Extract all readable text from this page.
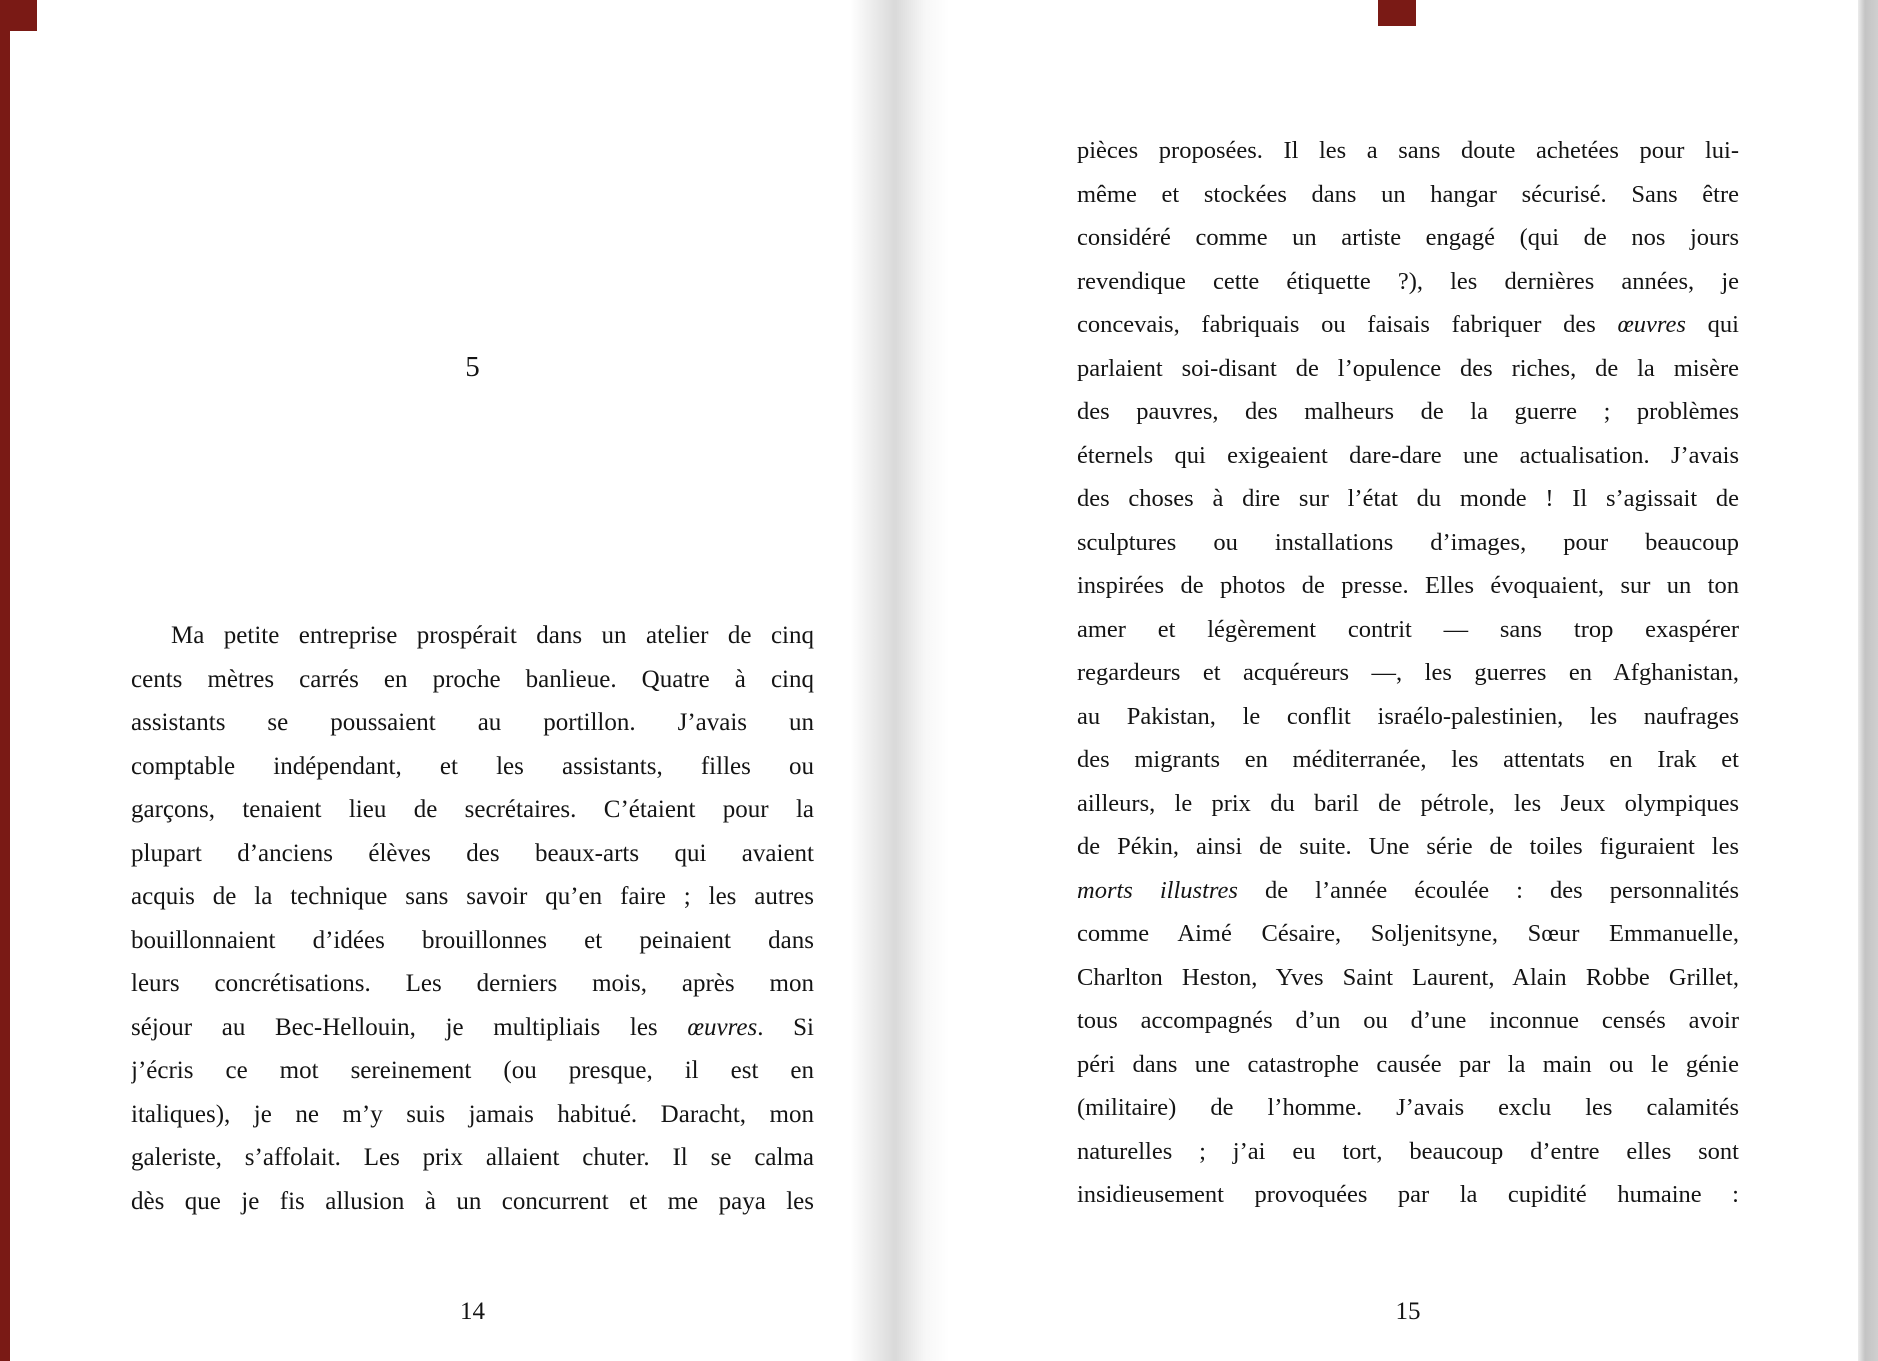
5
Ma petite entreprise prospérait dans un atelier de cinq
cents mètres carrés en proche banlieue. Quatre à cinq
assistants se poussaient au portillon. J’avais un
comptable indépendant, et les assistants, filles ou
garçons, tenaient lieu de secrétaires. C’étaient pour la
plupart d’anciens élèves des beaux-arts qui avaient
acquis de la technique sans savoir qu’en faire ; les autres
bouillonnaient d’idées brouillonnes et peinaient dans
leurs concrétisations. Les derniers mois, après mon
séjour au Bec-Hellouin, je multipliais les œuvres. Si
j’écris ce mot sereinement (ou presque, il est en
italiques), je ne m’y suis jamais habitué. Daracht, mon
galeriste, s’affolait. Les prix allaient chuter. Il se calma
dès que je fis allusion à un concurrent et me paya les
14
pièces proposées. Il les a sans doute achetées pour lui-
même et stockées dans un hangar sécurisé. Sans être
considéré comme un artiste engagé (qui de nos jours
revendique cette étiquette ?), les dernières années, je
concevais, fabriquais ou faisais fabriquer des œuvres qui
parlaient soi-disant de l’opulence des riches, de la misère
des pauvres, des malheurs de la guerre ; problèmes
éternels qui exigeaient dare-dare une actualisation. J’avais
des choses à dire sur l’état du monde ! Il s’agissait de
sculptures ou installations d’images, pour beaucoup
inspirées de photos de presse. Elles évoquaient, sur un ton
amer et légèrement contrit — sans trop exaspérer
regardeurs et acquéreurs —, les guerres en Afghanistan,
au Pakistan, le conflit israélo-palestinien, les naufrages
des migrants en méditerranée, les attentats en Irak et
ailleurs, le prix du baril de pétrole, les Jeux olympiques
de Pékin, ainsi de suite. Une série de toiles figuraient les
morts illustres de l’année écoulée : des personnalités
comme Aimé Césaire, Soljenitsyne, Sœur Emmanuelle,
Charlton Heston, Yves Saint Laurent, Alain Robbe Grillet,
tous accompagnés d’un ou d’une inconnue censés avoir
péri dans une catastrophe causée par la main ou le génie
(militaire) de l’homme. J’avais exclu les calamités
naturelles ; j’ai eu tort, beaucoup d’entre elles sont
insidieusement provoquées par la cupidité humaine :
15
